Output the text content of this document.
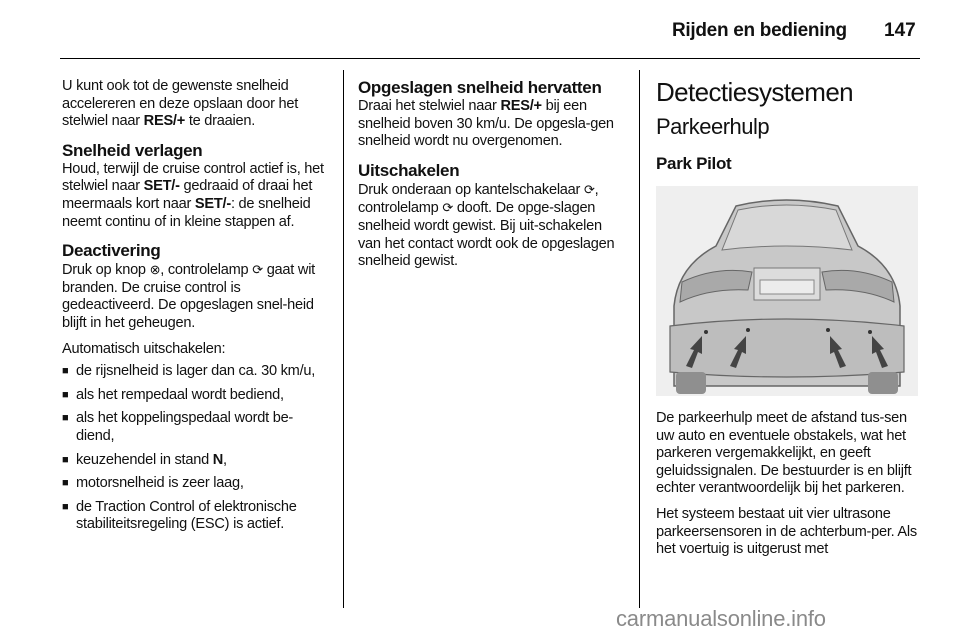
Rijden en bediening 147

U kunt ook tot de gewenste snelheid accelereren en deze opslaan door het stelwiel naar RES/+ te draaien.

Snelheid verlagen

Houd, terwijl de cruise control actief is, het stelwiel naar SET/- gedraaid of draai het meermaals kort naar SET/-: de snelheid neemt continu of in kleine stappen af.

Deactivering

Druk op knop ⊗, controlelamp ⟳ gaat wit branden. De cruise control is gedeactiveerd. De opgeslagen snel-heid blijft in het geheugen.

Automatisch uitschakelen:

■ de rijsnelheid is lager dan ca. 30 km/u,
■ als het rempedaal wordt bediend,
■ als het koppelingspedaal wordt be-diend,
■ keuzehendel in stand N,
■ motorsnelheid is zeer laag,
■ de Traction Control of elektronische stabiliteitsregeling (ESC) is actief.
Opgeslagen snelheid hervatten

Draai het stelwiel naar RES/+ bij een snelheid boven 30 km/u. De opgesla-gen snelheid wordt nu overgenomen.

Uitschakelen

Druk onderaan op kantelschakelaar ⟳, controlelamp ⟳ dooft. De opge-slagen snelheid wordt gewist. Bij uit-schakelen van het contact wordt ook de opgeslagen snelheid gewist.

Detectiesystemen
Parkeerhulp
Park Pilot

De parkeerhulp meet de afstand tus-sen uw auto en eventuele obstakels, wat het parkeren vergemakkelijkt, en geeft geluidssignalen. De bestuurder is en blijft echter verantwoordelijk bij het parkeren.

Het systeem bestaat uit vier ultrasone parkeersensoren in de achterbum-per. Als het voertuig is uitgerust met

carmanualsonline.info
